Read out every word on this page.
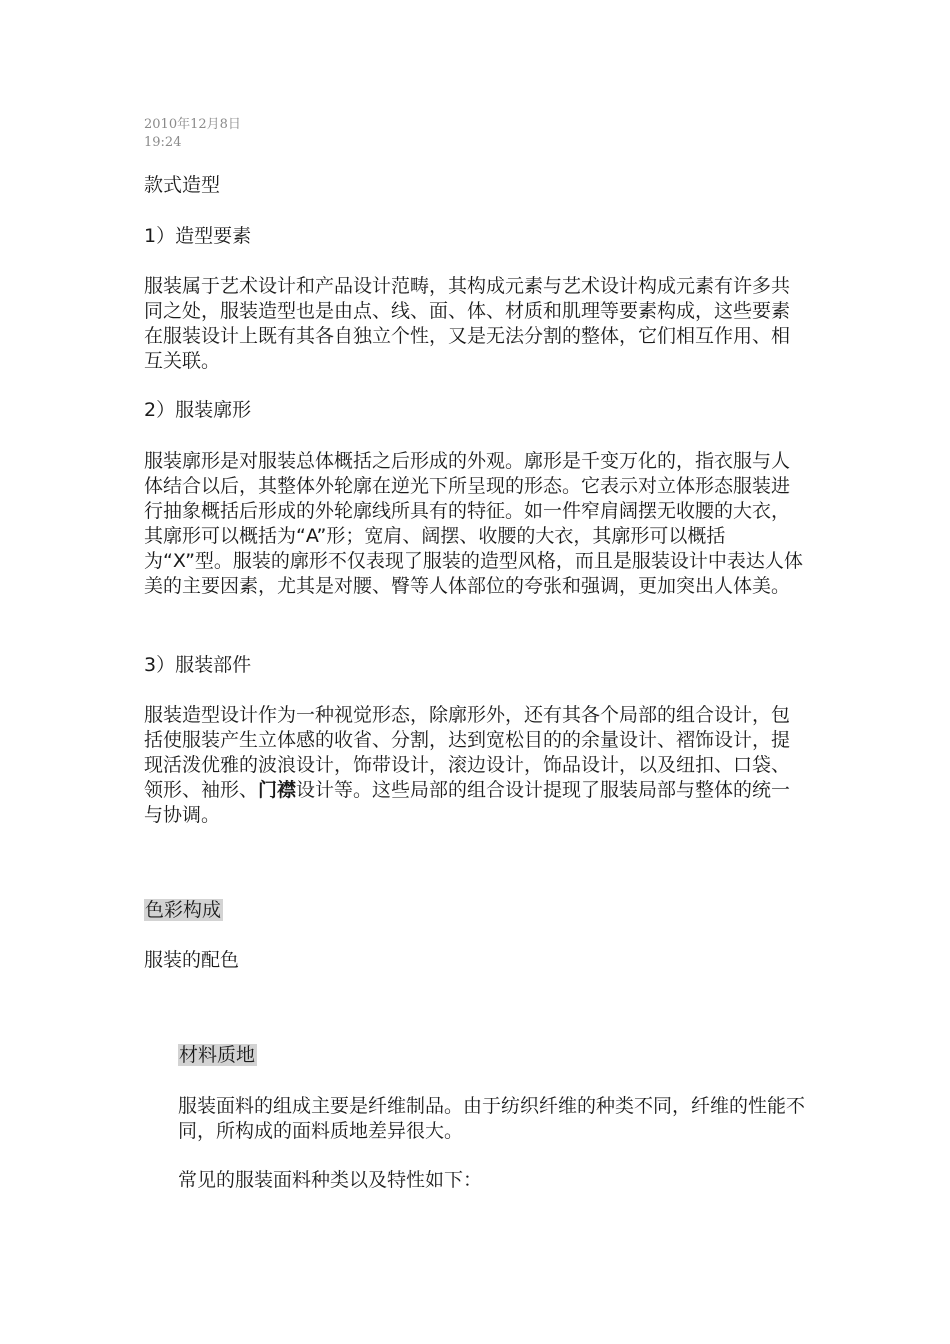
2010年12月8日
19:24
款式造型
1）造型要素
服装属于艺术设计和产品设计范畴，其构成元素与艺术设计构成元素有许多共同之处，服装造型也是由点、线、面、体、材质和肌理等要素构成，这些要素在服装设计上既有其各自独立个性，又是无法分割的整体，它们相互作用、相互关联。
2）服装廓形
服装廓形是对服装总体概括之后形成的外观。廓形是千变万化的，指衣服与人体结合以后，其整体外轮廓在逆光下所呈现的形态。它表示对立体形态服装进行抽象概括后形成的外轮廓线所具有的特征。如一件窄肩阔摆无收腰的大衣，其廓形可以概括为“A”形；宽肩、阔摆、收腰的大衣，其廓形可以概括为“X”型。服装的廓形不仅表现了服装的造型风格，而且是服装设计中表达人体美的主要因素，尤其是对腰、臀等人体部位的夸张和强调，更加突出人体美。
3）服装部件
服装造型设计作为一种视觉形态，除廓形外，还有其各个局部的组合设计，包括使服装产生立体感的收省、分割，达到宽松目的的余量设计、褶饰设计，提现活泼优雅的波浪设计，饰带设计，滚边设计，饰品设计，以及纽扣、口袋、领形、袖形、门襟设计等。这些局部的组合设计提现了服装局部与整体的统一与协调。
色彩构成
服装的配色
材料质地
服装面料的组成主要是纤维制品。由于纺织纤维的种类不同，纤维的性能不同，所构成的面料质地差异很大。
常见的服装面料种类以及特性如下：
